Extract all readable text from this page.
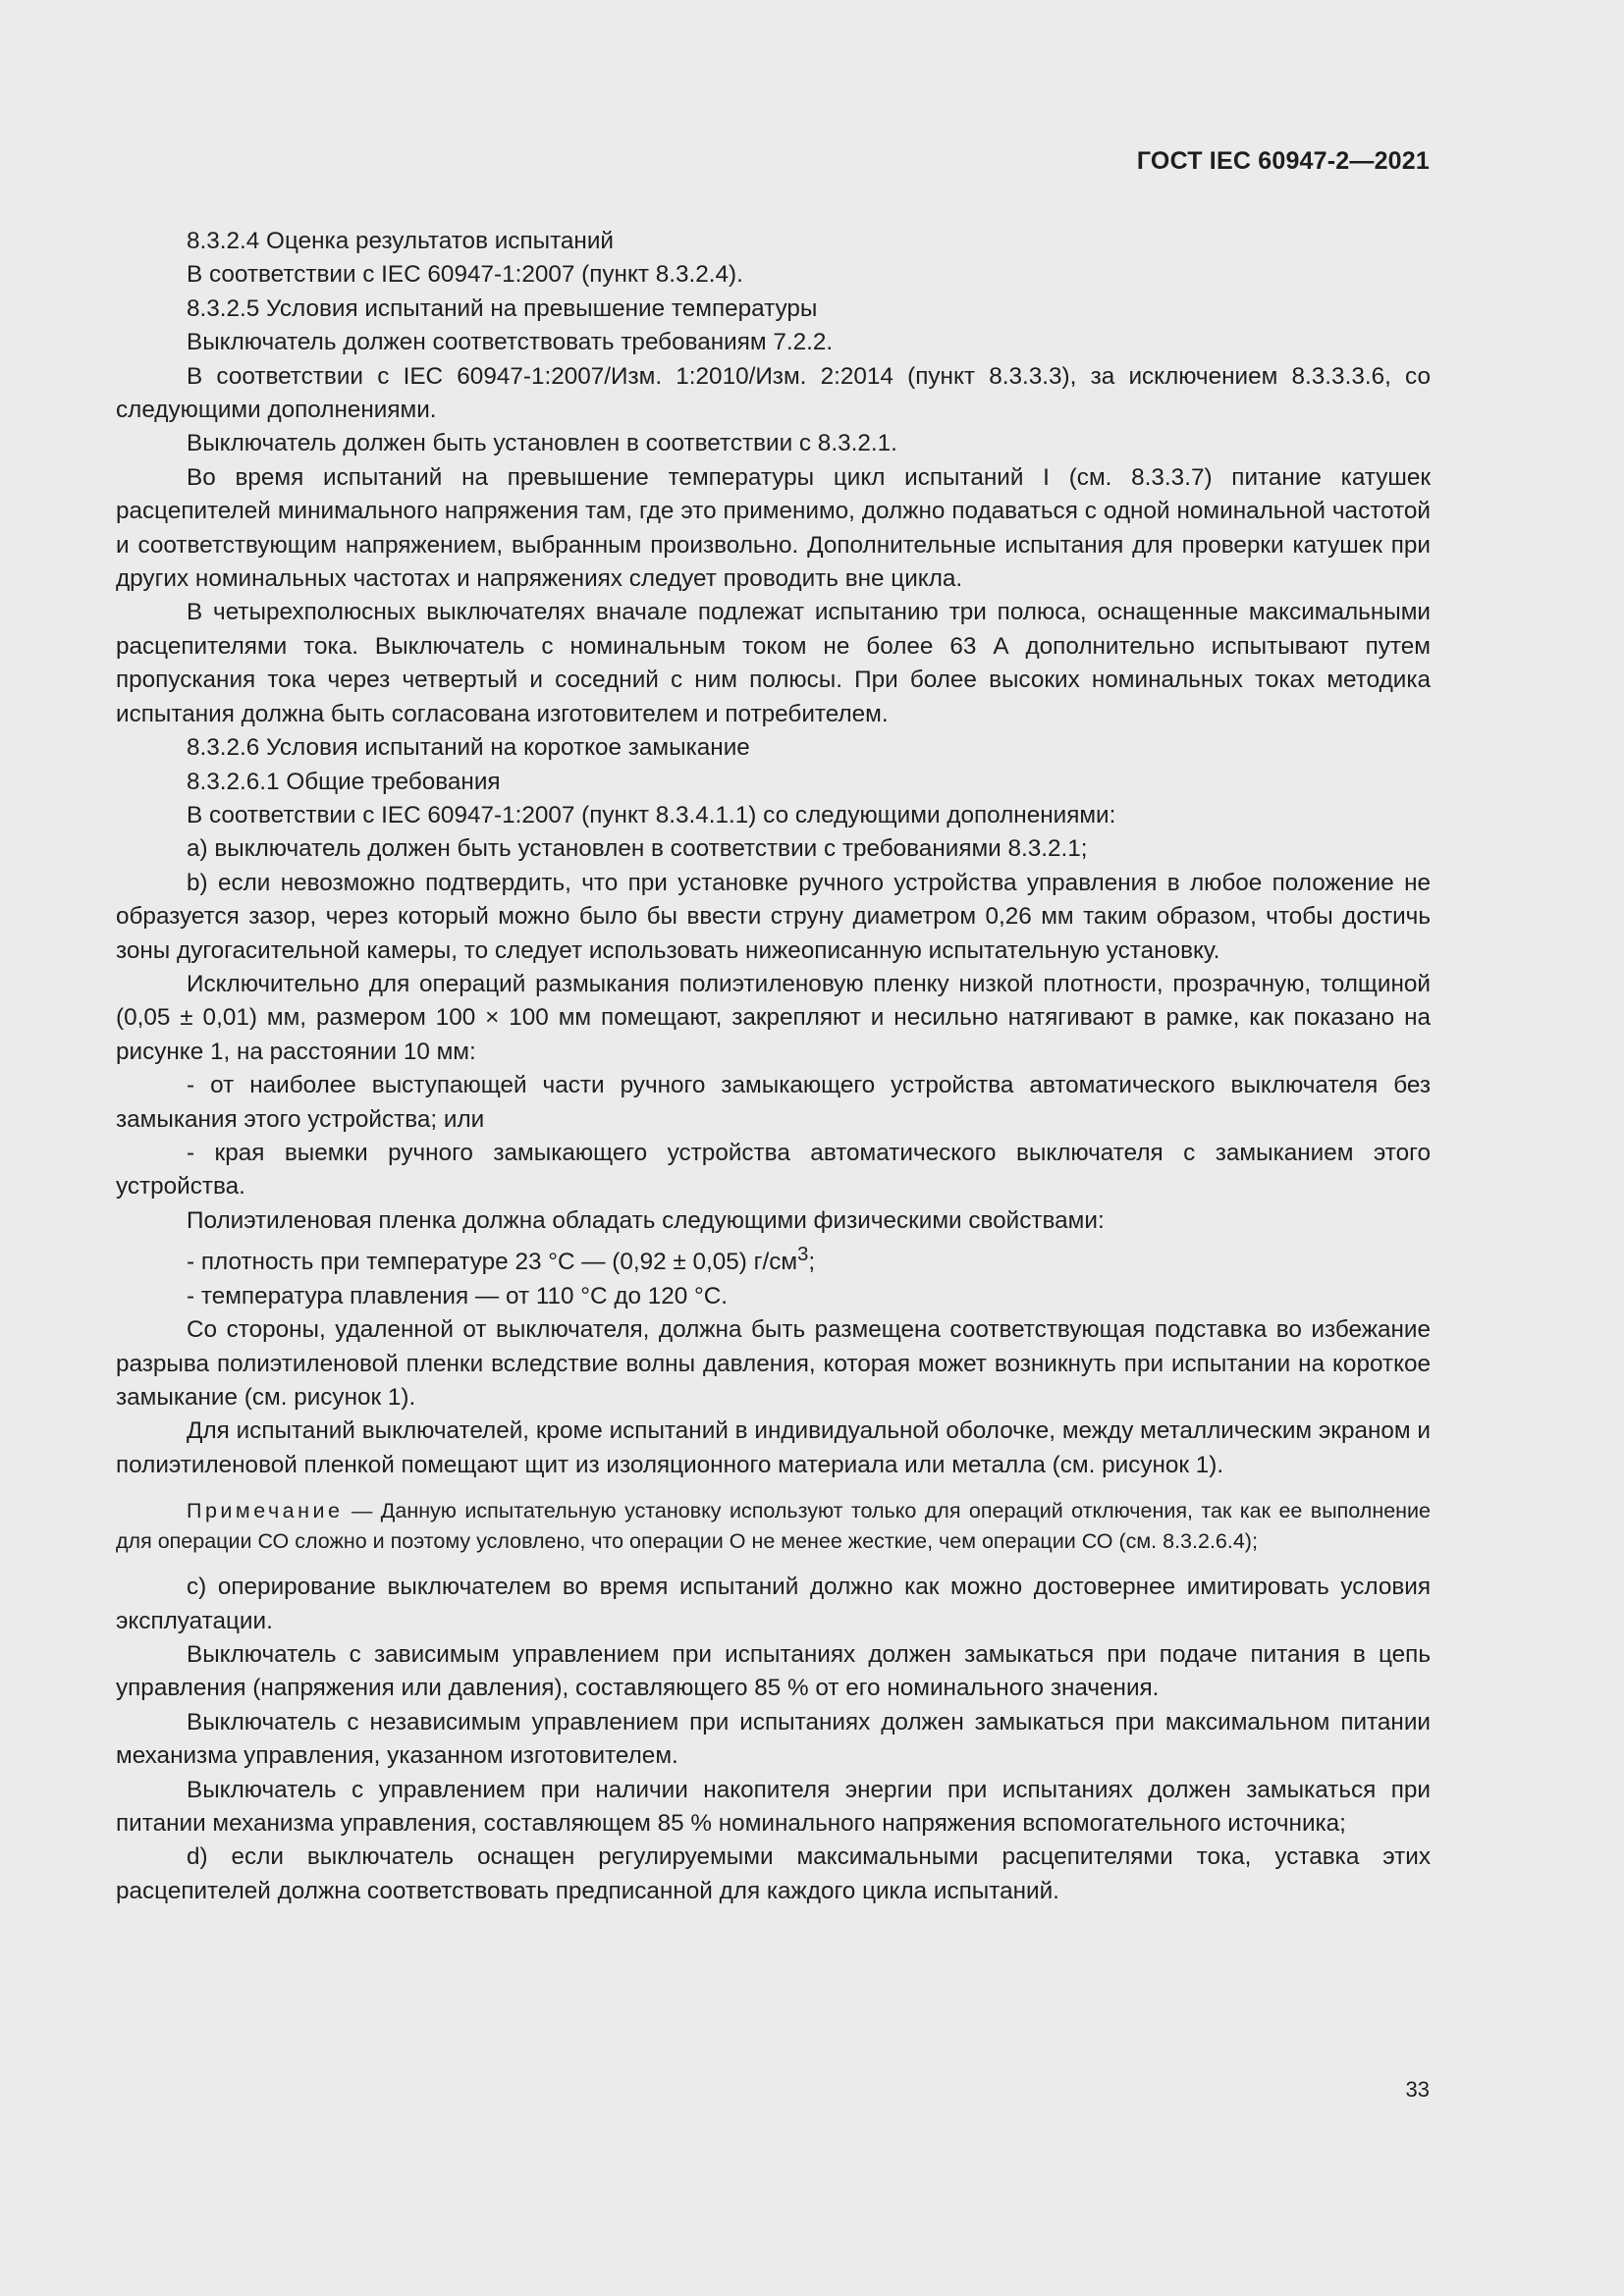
ГОСТ IEC 60947-2—2021

8.3.2.4 Оценка результатов испытаний

В соответствии с IEC 60947-1:2007 (пункт 8.3.2.4).

8.3.2.5 Условия испытаний на превышение температуры

Выключатель должен соответствовать требованиям 7.2.2.

В соответствии с IEC 60947-1:2007/Изм. 1:2010/Изм. 2:2014 (пункт 8.3.3.3), за исключением 8.3.3.3.6, со следующими дополнениями.

Выключатель должен быть установлен в соответствии с 8.3.2.1.

Во время испытаний на превышение температуры цикл испытаний I (см. 8.3.3.7) питание катушек расцепителей минимального напряжения там, где это применимо, должно подаваться с одной номинальной частотой и соответствующим напряжением, выбранным произвольно. Дополнительные испытания для проверки катушек при других номинальных частотах и напряжениях следует проводить вне цикла.

В четырехполюсных выключателях вначале подлежат испытанию три полюса, оснащенные максимальными расцепителями тока. Выключатель с номинальным током не более 63 А дополнительно испытывают путем пропускания тока через четвертый и соседний с ним полюсы. При более высоких номинальных токах методика испытания должна быть согласована изготовителем и потребителем.

8.3.2.6 Условия испытаний на короткое замыкание

8.3.2.6.1 Общие требования

В соответствии с IEC 60947-1:2007 (пункт 8.3.4.1.1) со следующими дополнениями:

a) выключатель должен быть установлен в соответствии с требованиями 8.3.2.1;

b) если невозможно подтвердить, что при установке ручного устройства управления в любое положение не образуется зазор, через который можно было бы ввести струну диаметром 0,26 мм таким образом, чтобы достичь зоны дугогасительной камеры, то следует использовать нижеописанную испытательную установку.

Исключительно для операций размыкания полиэтиленовую пленку низкой плотности, прозрачную, толщиной (0,05 ± 0,01) мм, размером 100 × 100 мм помещают, закрепляют и несильно натягивают в рамке, как показано на рисунке 1, на расстоянии 10 мм:

- от наиболее выступающей части ручного замыкающего устройства автоматического выключателя без замыкания этого устройства; или

- края выемки ручного замыкающего устройства автоматического выключателя с замыканием этого устройства.

Полиэтиленовая пленка должна обладать следующими физическими свойствами:

- плотность при температуре 23 °С — (0,92 ± 0,05) $г/см^3$;

- температура плавления — от 110 °С до 120 °С.

Со стороны, удаленной от выключателя, должна быть размещена соответствующая подставка во избежание разрыва полиэтиленовой пленки вследствие волны давления, которая может возникнуть при испытании на короткое замыкание (см. рисунок 1).

Для испытаний выключателей, кроме испытаний в индивидуальной оболочке, между металлическим экраном и полиэтиленовой пленкой помещают щит из изоляционного материала или металла (см. рисунок 1).

Примечание — Данную испытательную установку используют только для операций отключения, так как ее выполнение для операции СО сложно и поэтому условлено, что операции О не менее жесткие, чем операции СО (см. 8.3.2.6.4);

c) оперирование выключателем во время испытаний должно как можно достовернее имитировать условия эксплуатации.

Выключатель с зависимым управлением при испытаниях должен замыкаться при подаче питания в цепь управления (напряжения или давления), составляющего 85 % от его номинального значения.

Выключатель с независимым управлением при испытаниях должен замыкаться при максимальном питании механизма управления, указанном изготовителем.

Выключатель с управлением при наличии накопителя энергии при испытаниях должен замыкаться при питании механизма управления, составляющем 85 % номинального напряжения вспомогательного источника;

d) если выключатель оснащен регулируемыми максимальными расцепителями тока, уставка этих расцепителей должна соответствовать предписанной для каждого цикла испытаний.

33
